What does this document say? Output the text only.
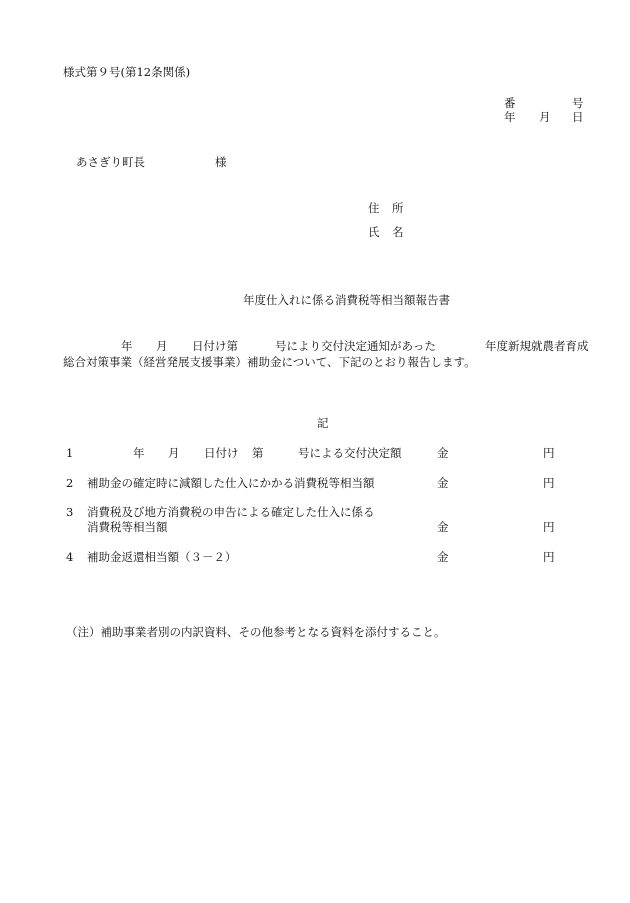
様式第９号(第12条関係)
番	号
年 月 日
あさぎり町長	様
住 所
氏 名
年度仕入れに係る消費税等相当額報告書
年 月 日付け第	号により交付決定通知があった	年度新規就農者育成
総合対策事業（経営発展支援事業）補助金について、下記のとおり報告します。
記
1	年 月 日付け 第	号による交付決定額	金	円
2 補助金の確定時に減額した仕入にかかる消費税等相当額	金	円
3 消費税及び地方消費税の申告による確定した仕入に係る
消費税等相当額	金	円
4 補助金返還相当額（３－２）	金	円
（注）補助事業者別の内訳資料、その他参考となる資料を添付すること。
